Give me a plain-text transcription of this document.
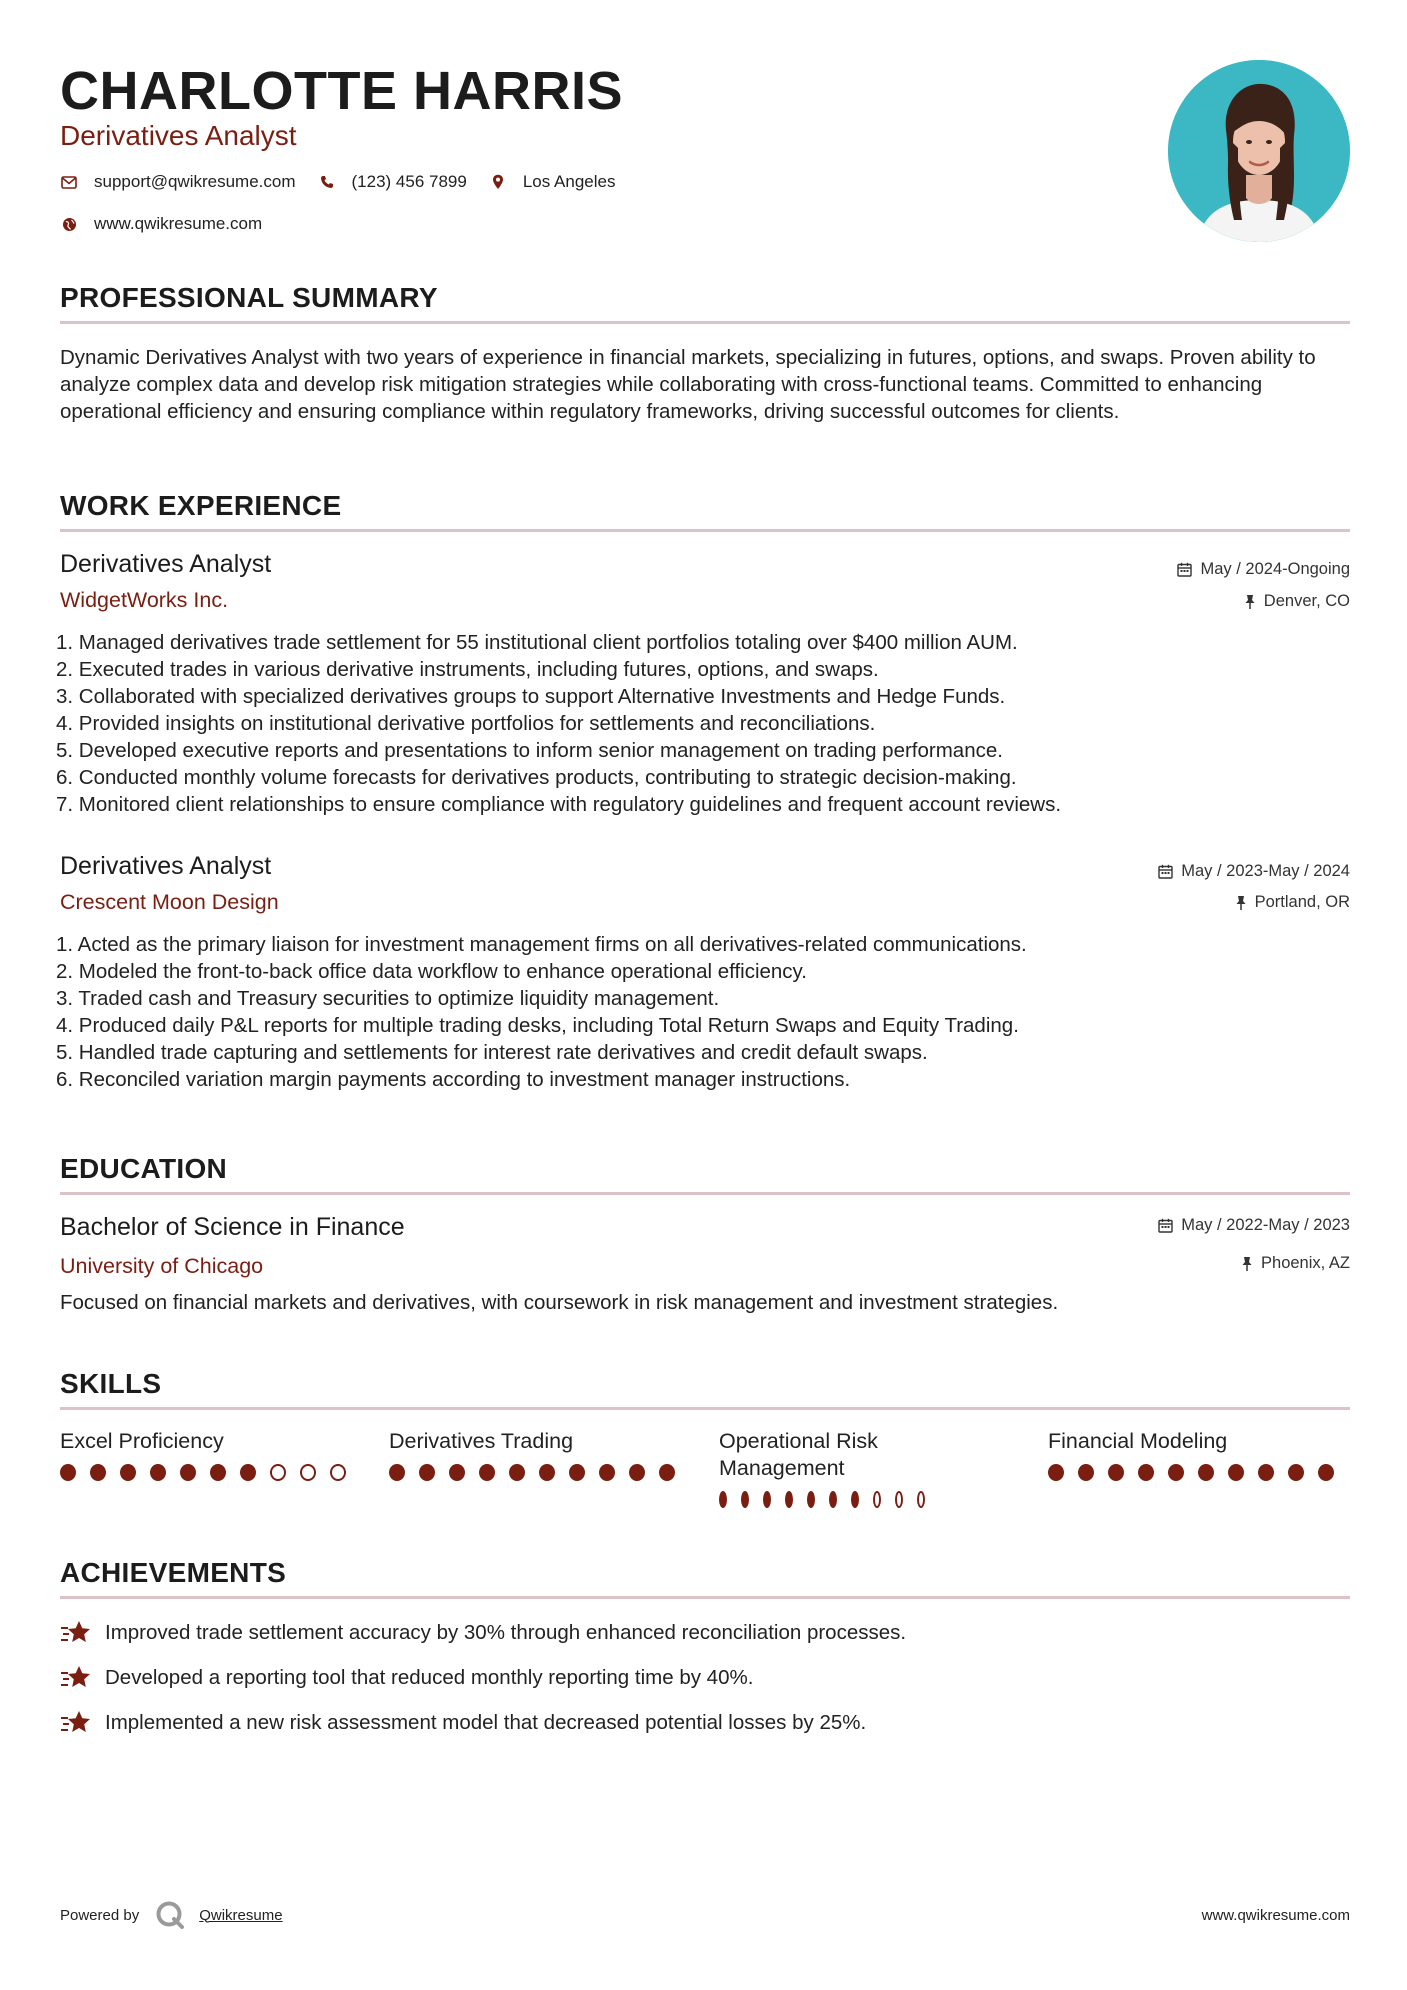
CHARLOTTE HARRIS
Derivatives Analyst
support@qwikresume.com	(123) 456 7899	Los Angeles
www.qwikresume.com
PROFESSIONAL SUMMARY

Dynamic Derivatives Analyst with two years of experience in financial markets, specializing in futures, options, and swaps. Proven ability to analyze complex data and develop risk mitigation strategies while collaborating with cross-functional teams. Committed to enhancing operational efficiency and ensuring compliance within regulatory frameworks, driving successful outcomes for clients.

WORK EXPERIENCE
Derivatives Analyst	May / 2024-Ongoing

WidgetWorks Inc.	Denver, CO
1. Managed derivatives trade settlement for 55 institutional client portfolios totaling over $400 million AUM.
2. Executed trades in various derivative instruments, including futures, options, and swaps.
3. Collaborated with specialized derivatives groups to support Alternative Investments and Hedge Funds.
4. Provided insights on institutional derivative portfolios for settlements and reconciliations.
5. Developed executive reports and presentations to inform senior management on trading performance.
6. Conducted monthly volume forecasts for derivatives products, contributing to strategic decision-making.
7. Monitored client relationships to ensure compliance with regulatory guidelines and frequent account reviews.
Derivatives Analyst	May / 2023-May / 2024

Crescent Moon Design	Portland, OR
1. Acted as the primary liaison for investment management firms on all derivatives-related communications.
2. Modeled the front-to-back office data workflow to enhance operational efficiency.
3. Traded cash and Treasury securities to optimize liquidity management.
4. Produced daily P&L reports for multiple trading desks, including Total Return Swaps and Equity Trading.
5. Handled trade capturing and settlements for interest rate derivatives and credit default swaps.
6. Reconciled variation margin payments according to investment manager instructions.
EDUCATION
Bachelor of Science in Finance	May / 2022-May / 2023

University of Chicago	Phoenix, AZ

Focused on financial markets and derivatives, with coursework in risk management and investment strategies.

SKILLS

Excel Proficiency	Derivatives Trading	Operational Risk Management

Financial Modeling

ACHIEVEMENTS
Improved trade settlement accuracy by 30% through enhanced reconciliation processes.
Developed a reporting tool that reduced monthly reporting time by 40%.
Implemented a new risk assessment model that decreased potential losses by 25%.
Powered by	Qwikresume	www.qwikresume.com
